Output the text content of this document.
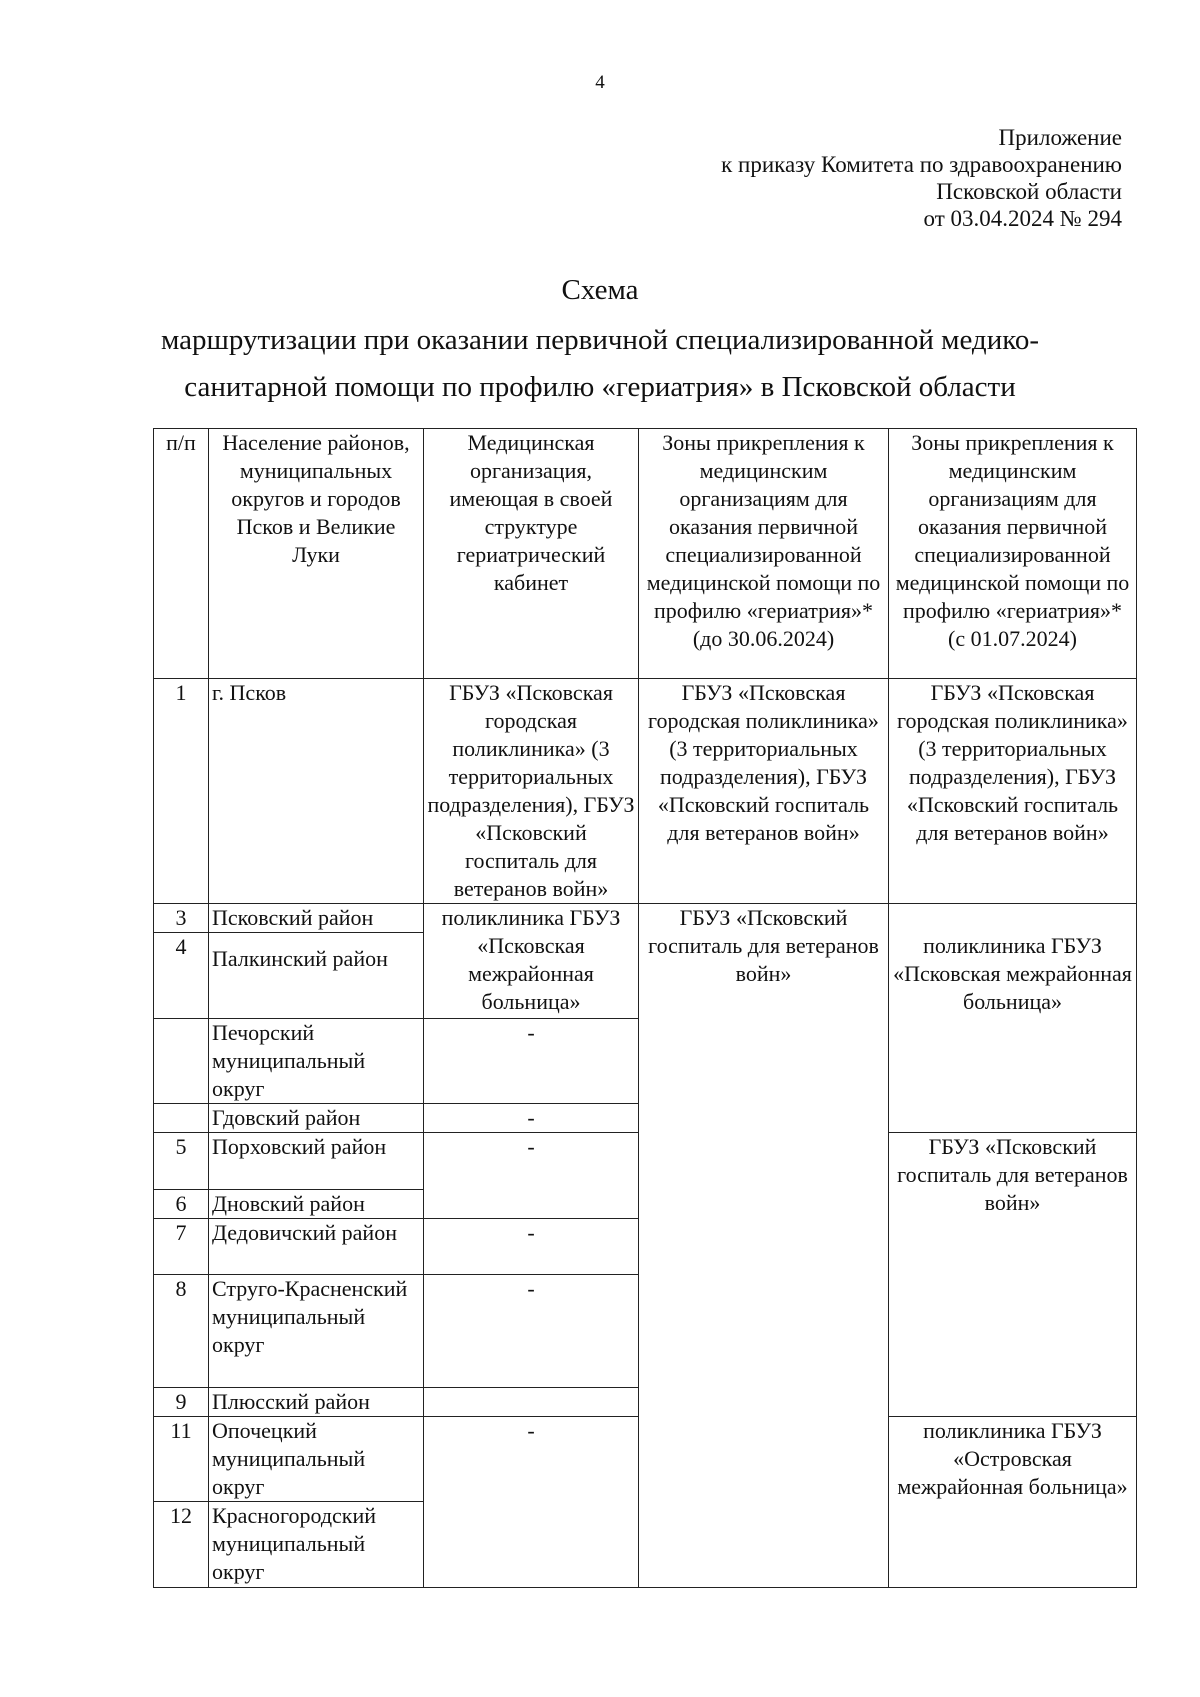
4
Приложение
к приказу Комитета по здравоохранению
Псковской области
от 03.04.2024 № 294
Схема
маршрутизации при оказании первичной специализированной медико-санитарной помощи по профилю «гериатрия» в Псковской области
п/п	Население районов, муниципальных округов и городов Псков и Великие Луки	Медицинская организация, имеющая в своей структуре гериатрический кабинет	Зоны прикрепления к медицинским организациям для оказания первичной специализированной медицинской помощи по профилю «гериатрия»* (до 30.06.2024)	Зоны прикрепления к медицинским организациям для оказания первичной специализированной медицинской помощи по профилю «гериатрия»* (с 01.07.2024)
1	г. Псков	ГБУЗ «Псковская городская поликлиника» (3 территориальных подразделения), ГБУЗ «Псковский госпиталь для ветеранов войн»	ГБУЗ «Псковская городская поликлиника» (3 территориальных подразделения), ГБУЗ «Псковский госпиталь для ветеранов войн»	ГБУЗ «Псковская городская поликлиника» (3 территориальных подразделения), ГБУЗ «Псковский госпиталь для ветеранов войн»
3	Псковский район	поликлиника ГБУЗ «Псковская межрайонная больница»	ГБУЗ «Псковский госпиталь для ветеранов войн»	поликлиника ГБУЗ «Псковская межрайонная больница»
4	Палкинский район			
	Печорский муниципальный округ	-		
	Гдовский район	-		
5	Порховский район	-		ГБУЗ «Псковский госпиталь для ветеранов войн»
6	Дновский район			
7	Дедовичский район	-		
8	Струго-Красненский муниципальный округ	-		
9	Плюсский район			
11	Опочецкий муниципальный округ	-		поликлиника ГБУЗ «Островская межрайонная больница»
12	Красногородский муниципальный округ			
